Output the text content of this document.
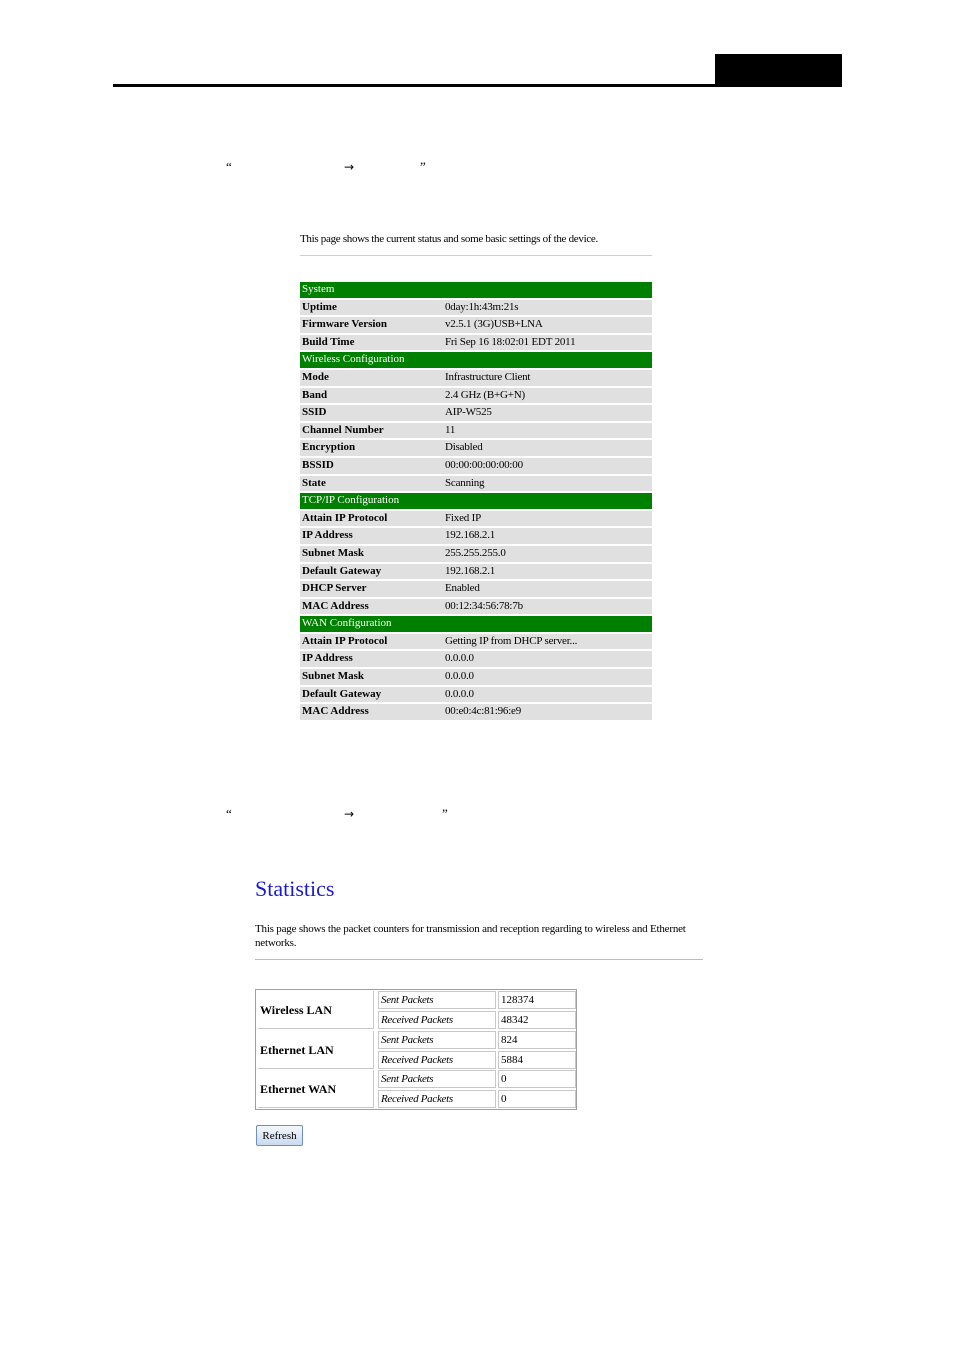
“	→	”
This page shows the current status and some basic settings of the device.
System	
Uptime	0day:1h:43m:21s
Firmware Version	v2.5.1 (3G)USB+LNA
Build Time	Fri Sep 16 18:02:01 EDT 2011
Wireless Configuration	
Mode	Infrastructure Client
Band	2.4 GHz (B+G+N)
SSID	AIP-W525
Channel Number	11
Encryption	Disabled
BSSID	00:00:00:00:00:00
State	Scanning
TCP/IP Configuration	
Attain IP Protocol	Fixed IP
IP Address	192.168.2.1
Subnet Mask	255.255.255.0
Default Gateway	192.168.2.1
DHCP Server	Enabled
MAC Address	00:12:34:56:78:7b
WAN Configuration	
Attain IP Protocol	Getting IP from DHCP server...
IP Address	0.0.0.0
Subnet Mask	0.0.0.0
Default Gateway	0.0.0.0
MAC Address	00:e0:4c:81:96:e9
“	→	”
Statistics
This page shows the packet counters for transmission and reception regarding to wireless and Ethernet networks.
Wireless LAN
Sent Packets	128374
Received Packets	48342
Ethernet LAN
Sent Packets	824
Received Packets	5884
Ethernet WAN
Sent Packets	0
Received Packets	0
Refresh
